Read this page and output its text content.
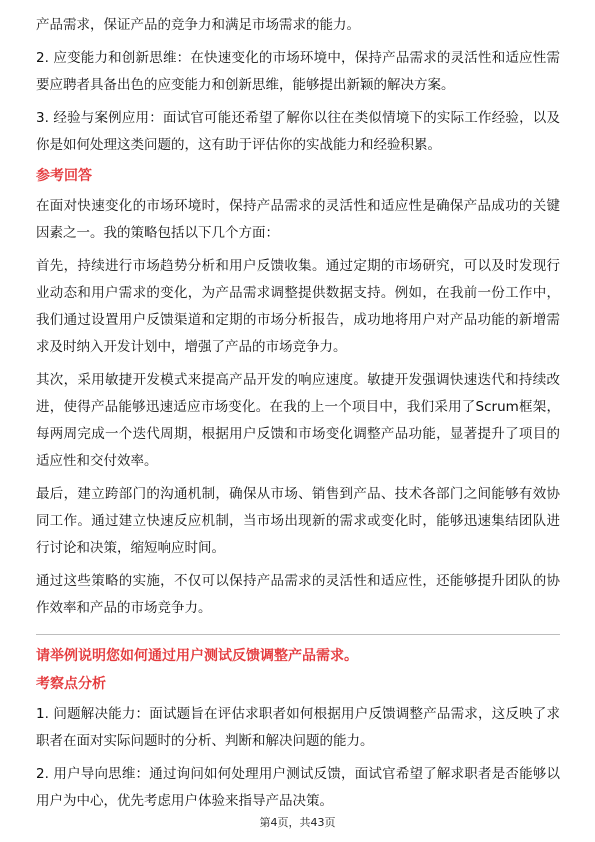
产品需求，保证产品的竞争力和满足市场需求的能力。

2. 应变能力和创新思维：在快速变化的市场环境中，保持产品需求的灵活性和适应性需要应聘者具备出色的应变能力和创新思维，能够提出新颖的解决方案。

3. 经验与案例应用：面试官可能还希望了解你以往在类似情境下的实际工作经验，以及你是如何处理这类问题的，这有助于评估你的实战能力和经验积累。

参考回答

在面对快速变化的市场环境时，保持产品需求的灵活性和适应性是确保产品成功的关键因素之一。我的策略包括以下几个方面：

首先，持续进行市场趋势分析和用户反馈收集。通过定期的市场研究，可以及时发现行业动态和用户需求的变化，为产品需求调整提供数据支持。例如，在我前一份工作中，我们通过设置用户反馈渠道和定期的市场分析报告，成功地将用户对产品功能的新增需求及时纳入开发计划中，增强了产品的市场竞争力。

其次，采用敏捷开发模式来提高产品开发的响应速度。敏捷开发强调快速迭代和持续改进，使得产品能够迅速适应市场变化。在我的上一个项目中，我们采用了Scrum框架，每两周完成一个迭代周期，根据用户反馈和市场变化调整产品功能，显著提升了项目的适应性和交付效率。

最后，建立跨部门的沟通机制，确保从市场、销售到产品、技术各部门之间能够有效协同工作。通过建立快速反应机制，当市场出现新的需求或变化时，能够迅速集结团队进行讨论和决策，缩短响应时间。

通过这些策略的实施，不仅可以保持产品需求的灵活性和适应性，还能够提升团队的协作效率和产品的市场竞争力。

请举例说明您如何通过用户测试反馈调整产品需求。
考察点分析

1. 问题解决能力：面试题旨在评估求职者如何根据用户反馈调整产品需求，这反映了求职者在面对实际问题时的分析、判断和解决问题的能力。

2. 用户导向思维：通过询问如何处理用户测试反馈，面试官希望了解求职者是否能够以用户为中心，优先考虑用户体验来指导产品决策。

第4页，共43页
